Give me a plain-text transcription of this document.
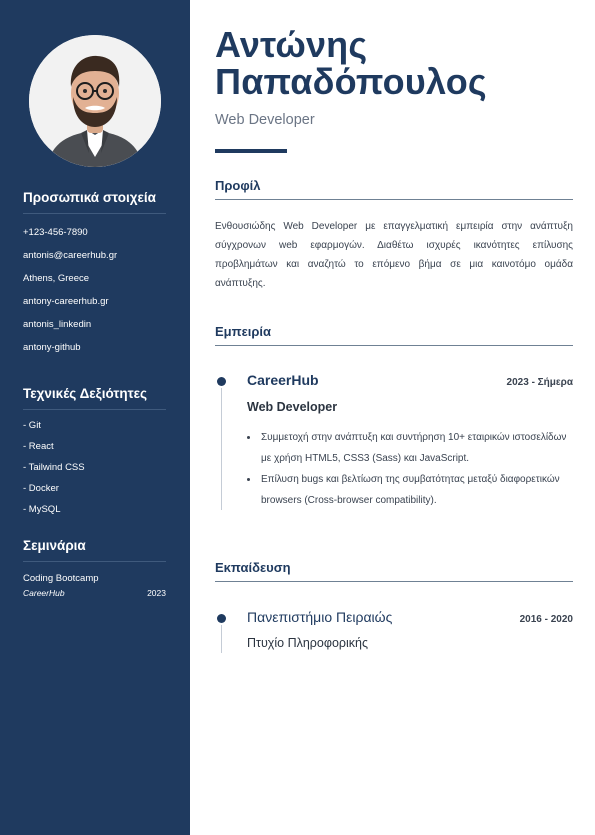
Προσωπικά στοιχεία
+123-456-7890
antonis@careerhub.gr
Athens, Greece
antony-careerhub.gr
antonis_linkedin
antony-github
Τεχνικές Δεξιότητες
- Git
- React
- Tailwind CSS
- Docker
- MySQL
Σεμινάρια
Coding Bootcamp
CareerHub	2023
Αντώνης
Παπαδόπουλος
Web Developer
Προφίλ

Ενθουσιώδης Web Developer με επαγγελματική εμπειρία στην ανάπτυξη σύγχρονων web εφαρμογών. Διαθέτω ισχυρές ικανότητες επίλυσης προβλημάτων και αναζητώ το επόμενο βήμα σε μια καινοτόμο ομάδα ανάπτυξης.

Εμπειρία
CareerHub	2023 - Σήμερα
Web Developer
• Συμμετοχή στην ανάπτυξη και συντήρηση 10+ εταιρικών ιστοσελίδων με χρήση HTML5, CSS3 (Sass) και JavaScript.
• Επίλυση bugs και βελτίωση της συμβατότητας μεταξύ διαφορετικών browsers (Cross-browser compatibility).
Εκπαίδευση
Πανεπιστήμιο Πειραιώς	2016 - 2020
Πτυχίο Πληροφορικής
